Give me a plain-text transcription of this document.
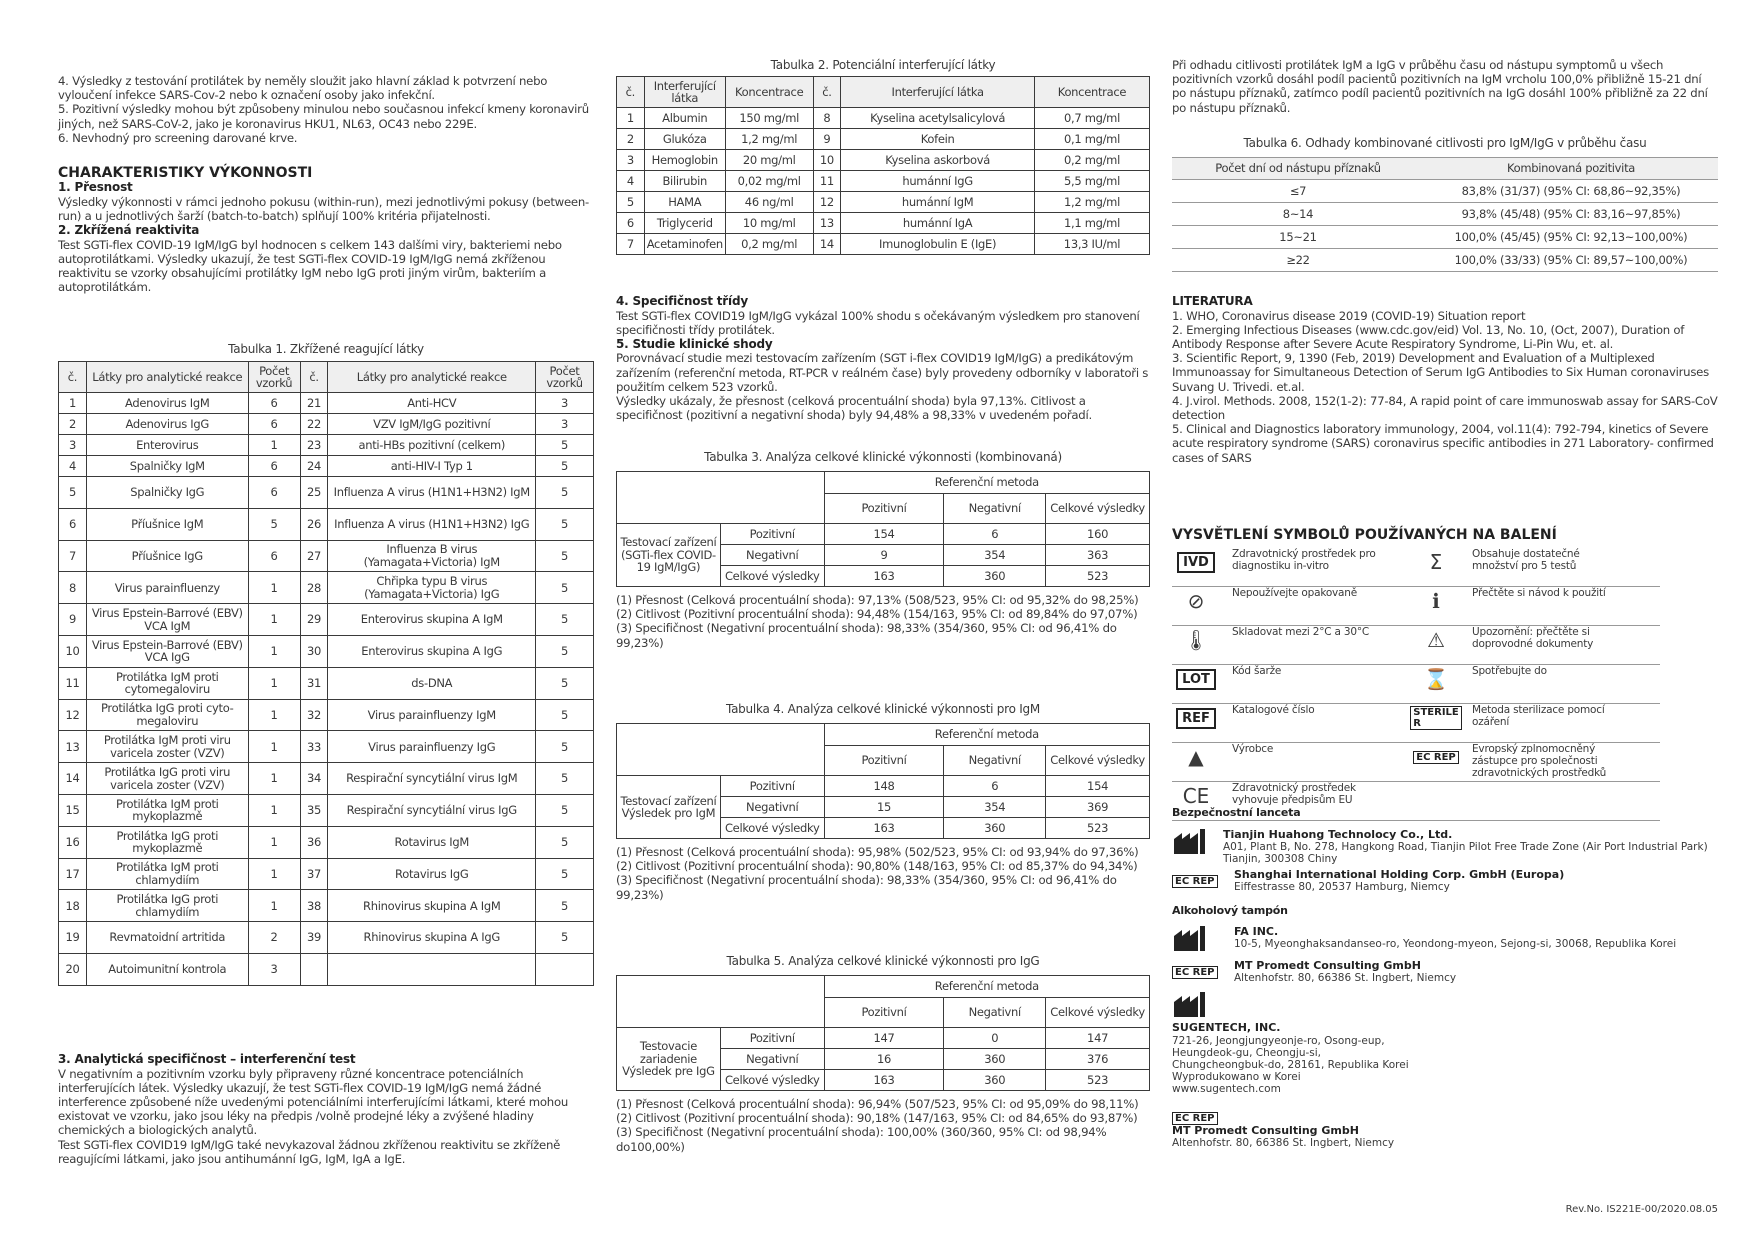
4. Výsledky z testování protilátek by neměly sloužit jako hlavní základ k potvrzení nebo vyloučení infekce SARS-Cov-2 nebo k označení osoby jako infekční.

5. Pozitivní výsledky mohou být způsobeny minulou nebo současnou infekcí kmeny koronavirů jiných, než SARS-CoV-2, jako je koronavirus HKU1, NL63, OC43 nebo 229E.

6. Nevhodný pro screening darované krve.

CHARAKTERISTIKY VÝKONNOSTI

1. Přesnost

Výsledky výkonnosti v rámci jednoho pokusu (within-run), mezi jednotlivými pokusy (between-run) a u jednotlivých šarží (batch-to-batch) splňují 100% kritéria přijatelnosti.

2. Zkřížená reaktivita

Test SGTi-flex COVID-19 IgM/IgG byl hodnocen s celkem 143 dalšími viry, bakteriemi nebo autoprotilátkami. Výsledky ukazují, že test SGTi-flex COVID-19 IgM/IgG nemá zkříženou reaktivitu se vzorky obsahujícími protilátky IgM nebo IgG proti jiným virům, bakteriím a autoprotilátkám.

Tabulka 1. Zkřížené reagující látky

č.	Látky pro analytické reakce	Počet vzorků	č.	Látky pro analytické reakce	Počet vzorků
1	Adenovirus IgM	6	21	Anti-HCV	3
2	Adenovirus IgG	6	22	VZV IgM/IgG pozitivní	3
3	Enterovirus	1	23	anti-HBs pozitivní (celkem)	5
4	Spalničky IgM	6	24	anti-HIV-I Typ 1	5
5	Spalničky IgG	6	25	Influenza A virus (H1N1+H3N2) IgM	5
6	Příušnice IgM	5	26	Influenza A virus (H1N1+H3N2) IgG	5
7	Příušnice IgG	6	27	Influenza B virus (Yamagata+Victoria) IgM	5
8	Virus parainfluenzy	1	28	Chřipka typu B virus (Yamagata+Victoria) IgG	5
9	Virus Epstein-Barrové (EBV) VCA IgM	1	29	Enterovirus skupina A IgM	5
10	Virus Epstein-Barrové (EBV) VCA IgG	1	30	Enterovirus skupina A IgG	5
11	Protilátka IgM proti cytomegaloviru	1	31	ds-DNA	5
12	Protilátka IgG proti cyto-megaloviru	1	32	Virus parainfluenzy IgM	5
13	Protilátka IgM proti viru varicela zoster (VZV)	1	33	Virus parainfluenzy IgG	5
14	Protilátka IgG proti viru varicela zoster (VZV)	1	34	Respirační syncytiální virus IgM	5
15	Protilátka IgM proti mykoplazmě	1	35	Respirační syncytiální virus IgG	5
16	Protilátka IgG proti mykoplazmě	1	36	Rotavirus IgM	5
17	Protilátka IgM proti chlamydiím	1	37	Rotavirus IgG	5
18	Protilátka IgG proti chlamydiím	1	38	Rhinovirus skupina A IgM	5
19	Revmatoidní artritida	2	39	Rhinovirus skupina A IgG	5
20	Autoimunitní kontrola	3			

3. Analytická specifičnost – interferenční test

V negativním a pozitivním vzorku byly připraveny různé koncentrace potenciálních interferujících látek. Výsledky ukazují, že test SGTi-flex COVID-19 IgM/IgG nemá žádné interference způsobené níže uvedenými potenciálními interferujícími látkami, které mohou existovat ve vzorku, jako jsou léky na předpis /volně prodejné léky a zvýšené hladiny chemických a biologických analytů.

Test SGTi-flex COVID19 IgM/IgG také nevykazoval žádnou zkříženou reaktivitu se zkříženě reagujícími látkami, jako jsou antihumánní IgG, IgM, IgA a IgE.

Tabulka 2. Potenciální interferující látky

č.	Interferující látka	Koncentrace	č.	Interferující látka	Koncentrace
1	Albumin	150 mg/ml	8	Kyselina acetylsalicylová	0,7 mg/ml
2	Glukóza	1,2 mg/ml	9	Kofein	0,1 mg/ml
3	Hemoglobin	20 mg/ml	10	Kyselina askorbová	0,2 mg/ml
4	Bilirubin	0,02 mg/ml	11	humánní IgG	5,5 mg/ml
5	HAMA	46 ng/ml	12	humánní IgM	1,2 mg/ml
6	Triglycerid	10 mg/ml	13	humánní IgA	1,1 mg/ml
7	Acetaminofen	0,2 mg/ml	14	Imunoglobulin E (IgE)	13,3 IU/ml

4. Specifičnost třídy

Test SGTi-flex COVID19 IgM/IgG vykázal 100% shodu s očekávaným výsledkem pro stanovení specifičnosti třídy protilátek.

5. Studie klinické shody

Porovnávací studie mezi testovacím zařízením (SGT i-flex COVID19 IgM/IgG) a predikátovým zařízením (referenční metoda, RT-PCR v reálném čase) byly provedeny odborníky v laboratoři s použitím celkem 523 vzorků.

Výsledky ukázaly, že přesnost (celková procentuální shoda) byla 97,13%. Citlivost a specifičnost (pozitivní a negativní shoda) byly 94,48% a 98,33% v uvedeném pořadí.

Tabulka 3. Analýza celkové klinické výkonnosti (kombinovaná)

		Referenční metoda		
		Pozitivní	Negativní	Celkové výsledky
Testovací zařízení (SGTi-flex COVID-19 IgM/IgG)	Pozitivní	154	6	160
	Negativní	9	354	363
	Celkové výsledky	163	360	523

(1) Přesnost (Celková procentuální shoda): 97,13% (508/523, 95% CI: od 95,32% do 98,25%)

(2) Citlivost (Pozitivní procentuální shoda): 94,48% (154/163, 95% CI: od 89,84% do 97,07%)

(3) Specifičnost (Negativní procentuální shoda): 98,33% (354/360, 95% CI: od 96,41% do 99,23%)

Tabulka 4. Analýza celkové klinické výkonnosti pro IgM

		Referenční metoda		
		Pozitivní	Negativní	Celkové výsledky
Testovací zařízení Výsledek pro IgM	Pozitivní	148	6	154
	Negativní	15	354	369
	Celkové výsledky	163	360	523

(1) Přesnost (Celková procentuální shoda): 95,98% (502/523, 95% CI: od 93,94% do 97,36%)

(2) Citlivost (Pozitivní procentuální shoda): 90,80% (148/163, 95% CI: od 85,37% do 94,34%)

(3) Specifičnost (Negativní procentuální shoda): 98,33% (354/360, 95% CI: od 96,41% do 99,23%)

Tabulka 5. Analýza celkové klinické výkonnosti pro IgG

		Referenční metoda		
		Pozitivní	Negativní	Celkové výsledky
Testovacie zariadenie Výsledek pre IgG	Pozitivní	147	0	147
	Negativní	16	360	376
	Celkové výsledky	163	360	523

(1) Přesnost (Celková procentuální shoda): 96,94% (507/523, 95% CI: od 95,09% do 98,11%)

(2) Citlivost (Pozitivní procentuální shoda): 90,18% (147/163, 95% CI: od 84,65% do 93,87%)

(3) Specifičnost (Negativní procentuální shoda): 100,00% (360/360, 95% CI: od 98,94% do100,00%)

Při odhadu citlivosti protilátek IgM a IgG v průběhu času od nástupu symptomů u všech pozitivních vzorků dosáhl podíl pacientů pozitivních na IgM vrcholu 100,0% přibližně 15-21 dní po nástupu příznaků, zatímco podíl pacientů pozitivních na IgG dosáhl 100% přibližně za 22 dní po nástupu příznaků.

Tabulka 6. Odhady kombinované citlivosti pro IgM/IgG v průběhu času

Počet dní od nástupu příznaků	Kombinovaná pozitivita
≤7	83,8% (31/37) (95% CI: 68,86~92,35%)
8~14	93,8% (45/48) (95% CI: 83,16~97,85%)
15~21	100,0% (45/45) (95% CI: 92,13~100,00%)
≥22	100,0% (33/33) (95% CI: 89,57~100,00%)

LITERATURA

1. WHO, Coronavirus disease 2019 (COVID-19) Situation report

2. Emerging Infectious Diseases (www.cdc.gov/eid) Vol. 13, No. 10, (Oct, 2007), Duration of Antibody Response after Severe Acute Respiratory Syndrome, Li-Pin Wu, et. al.

3. Scientific Report, 9, 1390 (Feb, 2019) Development and Evaluation of a Multiplexed Immunoassay for Simultaneous Detection of Serum IgG Antibodies to Six Human coronaviruses Suvang U. Trivedi. et.al.

4. J.virol. Methods. 2008, 152(1-2): 77-84, A rapid point of care immunoswab assay for SARS-CoV detection

5. Clinical and Diagnostics laboratory immunology, 2004, vol.11(4): 792-794, kinetics of Severe acute respiratory syndrome (SARS) coronavirus specific antibodies in 271 Laboratory- confirmed cases of SARS

VYSVĚTLENÍ SYMBOLŮ POUŽÍVANÝCH NA BALENÍ

IVD
Zdravotnický prostředek pro diagnostiku in-vitro	Σ	Obsahuje dostatečné množství pro 5 testů
⊘	Nepoužívejte opakovaně	ℹ	Přečtěte si návod k použití
🌡 Skladovat mezi 2°C a 30°C	⚠	Upozornění: přečtěte si doprovodné dokumenty
LOT
Kód šarže	⌛ Spotřebujte do
REF
Katalogové číslo	STERILE R
Metoda sterilizace pomocí ozáření
▲	Výrobce
EC REP
Evropský zplnomocněný zástupce pro společnosti zdravotnických prostředků
CE Zdravotnický prostředek vyhovuje předpisům EU

Bezpečnostní lanceta

Tianjin Huahong Technolocy Co., Ltd.
A01, Plant B, No. 278, Hangkong Road, Tianjin Pilot Free Trade Zone (Air Port Industrial Park) Tianjin, 300308 Chiny
EC REP
Shanghai International Holding Corp. GmbH (Europa)
Eiffestrasse 80, 20537 Hamburg, Niemcy

Alkoholový tampón

FA INC.
10-5, Myeonghaksandanseo-ro, Yeondong-myeon, Sejong-si, 30068, Republika Korei
EC REP
MT Promedt Consulting GmbH
Altenhofstr. 80, 66386 St. Ingbert, Niemcy
SUGENTECH, INC.
721-26, Jeongjungyeonje-ro, Osong-eup, Heungdeok-gu, Cheongju-si, Chungcheongbuk-do, 28161, Republika Korei
Wyprodukowano w Korei
www.sugentech.com
EC REP
MT Promedt Consulting GmbH
Altenhofstr. 80, 66386 St. Ingbert, Niemcy
Rev.No. IS221E-00/2020.08.05
